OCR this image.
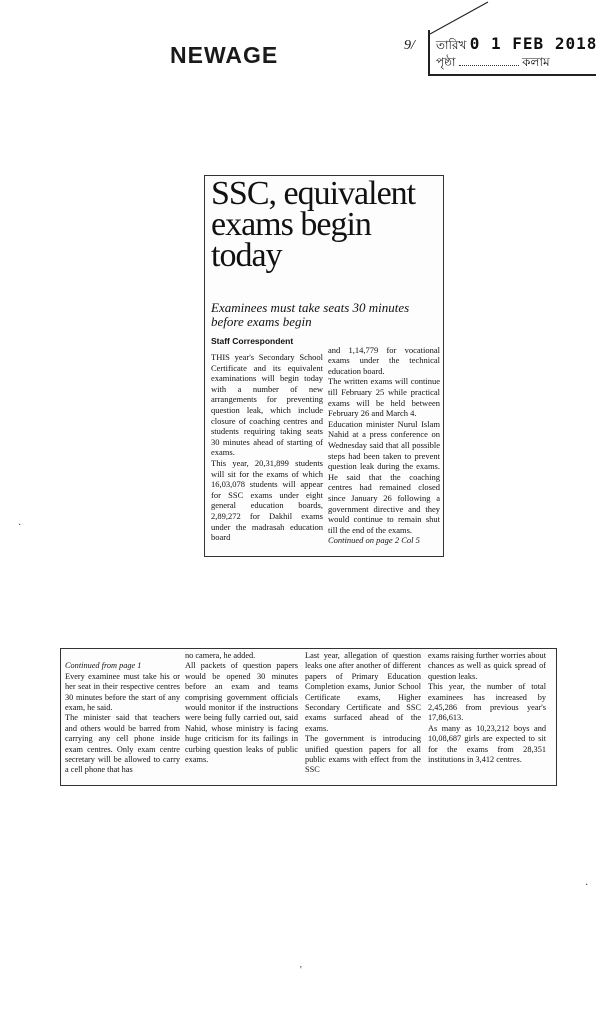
NEWAGE	9/ তারিখ 0 1 FEB 2018
পৃষ্ঠা	কলাম
SSC, equivalent exams begin today
Examinees must take seats 30 minutes before exams begin
Staff Correspondent
THIS year's Secondary School Certificate and its equivalent examinations will begin today with a number of new arrangements for preventing question leak, which include closure of coaching centres and students requiring taking seats 30 minutes ahead of starting of exams.
This year, 20,31,899 students will sit for the exams of which 16,03,078 students will appear for SSC exams under eight general education boards, 2,89,272 for Dakhil exams under the madrasah education board

and 1,14,779 for vocational exams under the technical education board.
The written exams will continue till February 25 while practical exams will be held between February 26 and March 4.
Education minister Nurul Islam Nahid at a press conference on Wednesday said that all possible steps had been taken to prevent question leak during the exams. He said that the coaching centres had remained closed since January 26 following a government directive and they would continue to remain shut till the end of the exams.
Continued on page 2 Col 5

Continued from page 1
Every examinee must take his or her seat in their respective centres 30 minutes before the start of any exam, he said.
The minister said that teachers and others would be barred from carrying any cell phone inside exam centres. Only exam centre secretary will be allowed to carry a cell phone that has

no camera, he added.
All packets of question papers would be opened 30 minutes before an exam and teams comprising government officials would monitor if the instructions were being fully carried out, said Nahid, whose ministry is facing huge criticism for its failings in curbing question leaks of public exams.
Last year, allegation of question leaks one after another of different papers of Primary Education Completion exams, Junior School Certificate exams, Higher Secondary Certificate and SSC exams surfaced ahead of the exams.
The government is introducing unified question papers for all public exams with effect from the SSC
exams raising further worries about chances as well as quick spread of question leaks.
This year, the number of total examinees has increased by 2,45,286 from previous year's 17,86,613.
As many as 10,23,212 boys and 10,08,687 girls are expected to sit for the exams from 28,351 institutions in 3,412 centres.
·
'
·
